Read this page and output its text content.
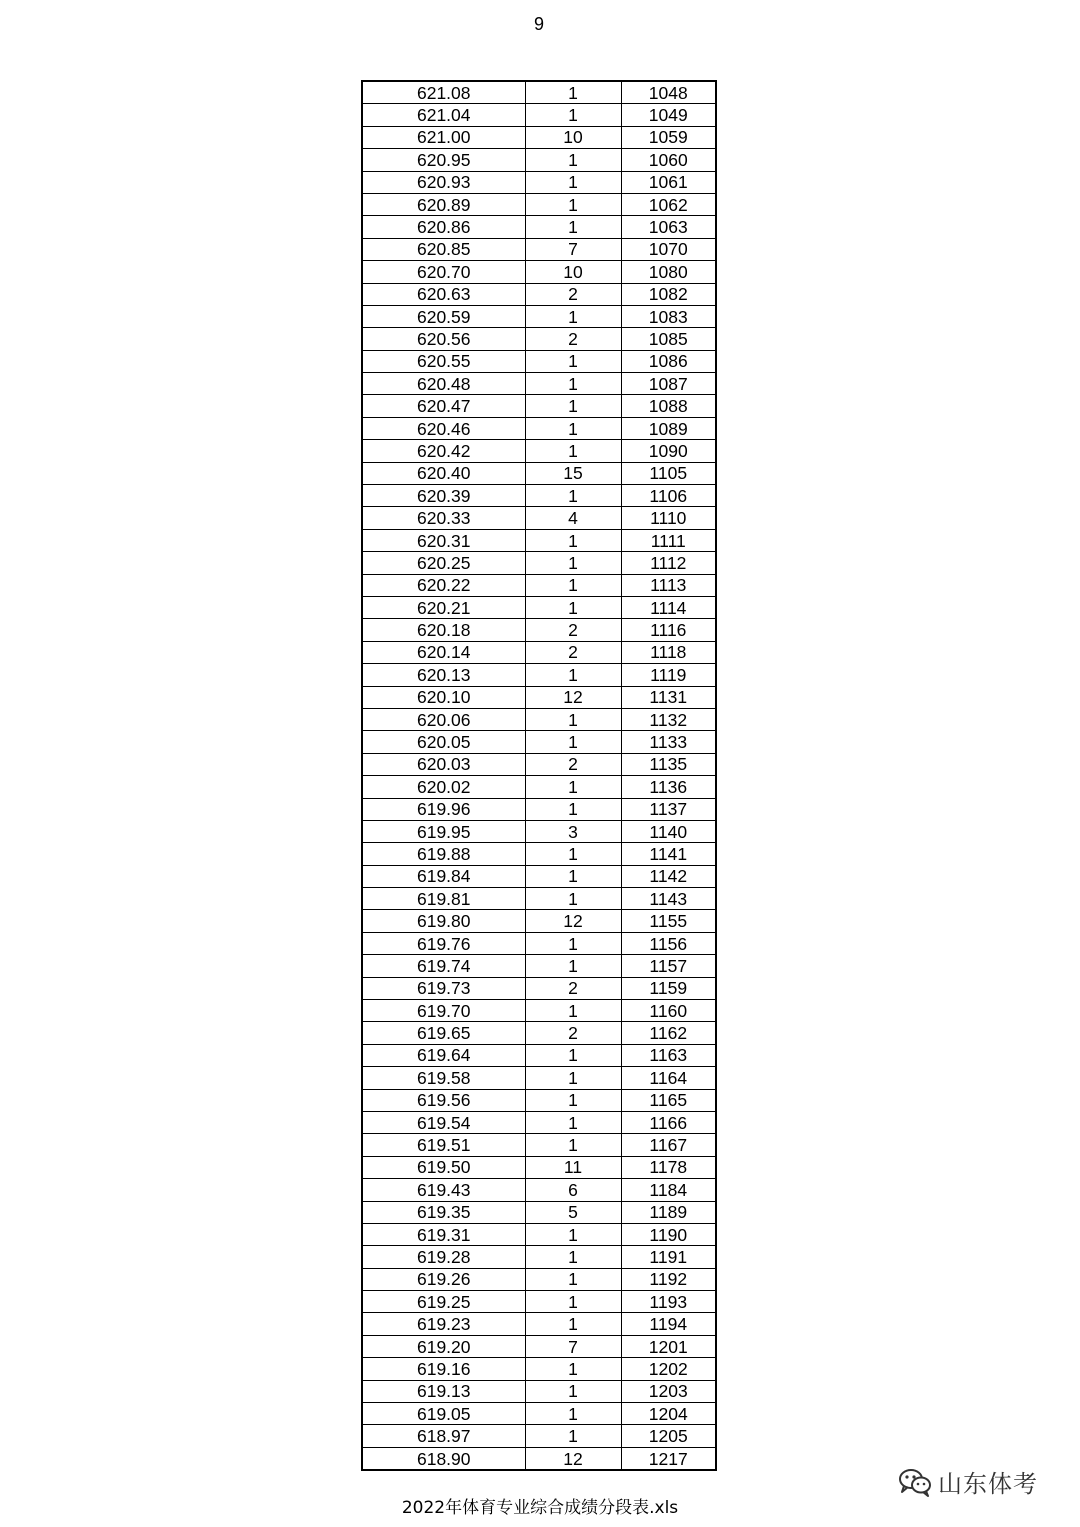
9
621.08	1	1048
621.04	1	1049
621.00	10	1059
620.95	1	1060
620.93	1	1061
620.89	1	1062
620.86	1	1063
620.85	7	1070
620.70	10	1080
620.63	2	1082
620.59	1	1083
620.56	2	1085
620.55	1	1086
620.48	1	1087
620.47	1	1088
620.46	1	1089
620.42	1	1090
620.40	15	1105
620.39	1	1106
620.33	4	1110
620.31	1	1111
620.25	1	1112
620.22	1	1113
620.21	1	1114
620.18	2	1116
620.14	2	1118
620.13	1	1119
620.10	12	1131
620.06	1	1132
620.05	1	1133
620.03	2	1135
620.02	1	1136
619.96	1	1137
619.95	3	1140
619.88	1	1141
619.84	1	1142
619.81	1	1143
619.80	12	1155
619.76	1	1156
619.74	1	1157
619.73	2	1159
619.70	1	1160
619.65	2	1162
619.64	1	1163
619.58	1	1164
619.56	1	1165
619.54	1	1166
619.51	1	1167
619.50	11	1178
619.43	6	1184
619.35	5	1189
619.31	1	1190
619.28	1	1191
619.26	1	1192
619.25	1	1193
619.23	1	1194
619.20	7	1201
619.16	1	1202
619.13	1	1203
619.05	1	1204
618.97	1	1205
618.90	12	1217
山东体考
2022年体育专业综合成绩分段表.xls
